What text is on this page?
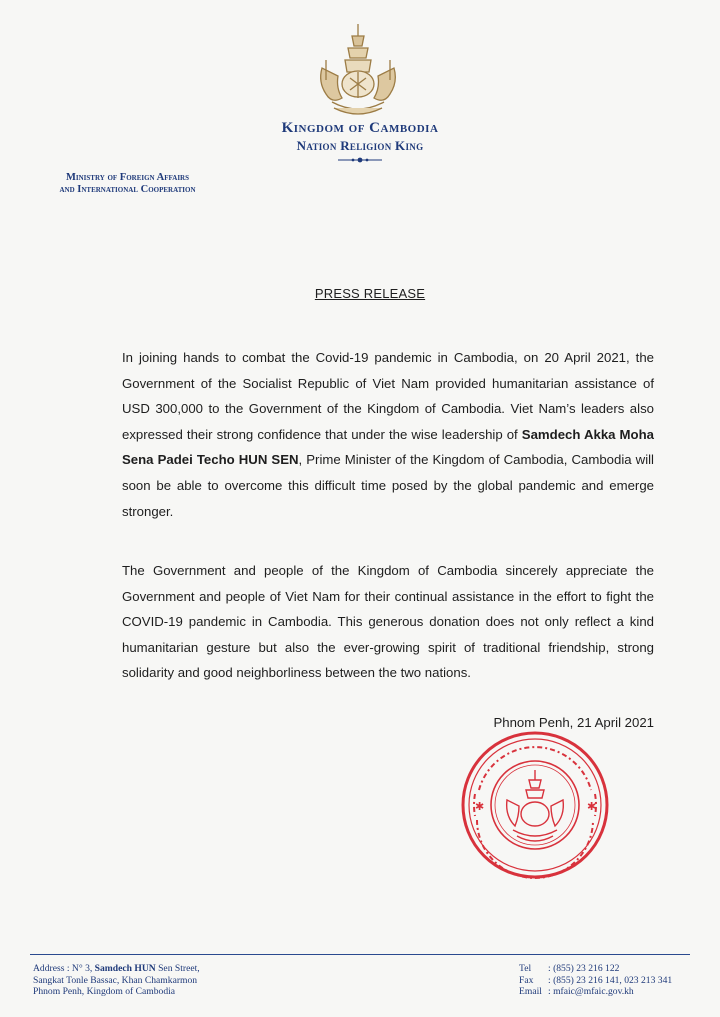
Kingdom of Cambodia
Nation Religion King
Ministry of Foreign Affairs
and International Cooperation
PRESS RELEASE

In joining hands to combat the Covid-19 pandemic in Cambodia, on 20 April 2021, the Government of the Socialist Republic of Viet Nam provided humanitarian assistance of USD 300,000 to the Government of the Kingdom of Cambodia. Viet Nam’s leaders also expressed their strong confidence that under the wise leadership of Samdech Akka Moha Sena Padei Techo HUN SEN, Prime Minister of the Kingdom of Cambodia, Cambodia will soon be able to overcome this difficult time posed by the global pandemic and emerge stronger.

The Government and people of the Kingdom of Cambodia sincerely appreciate the Government and people of Viet Nam for their continual assistance in the effort to fight the COVID-19 pandemic in Cambodia. This generous donation does not only reflect a kind humanitarian gesture but also the ever-growing spirit of traditional friendship, strong solidarity and good neighborliness between the two nations.

Phnom Penh, 21 April 2021
✱	✱
Address : N° 3, Samdech HUN Sen Street,
Sangkat Tonle Bassac, Khan Chamkarmon
Phnom Penh, Kingdom of Cambodia
Tel : (855) 23 216 122
Fax : (855) 23 216 141, 023 213 341
Email : mfaic@mfaic.gov.kh
